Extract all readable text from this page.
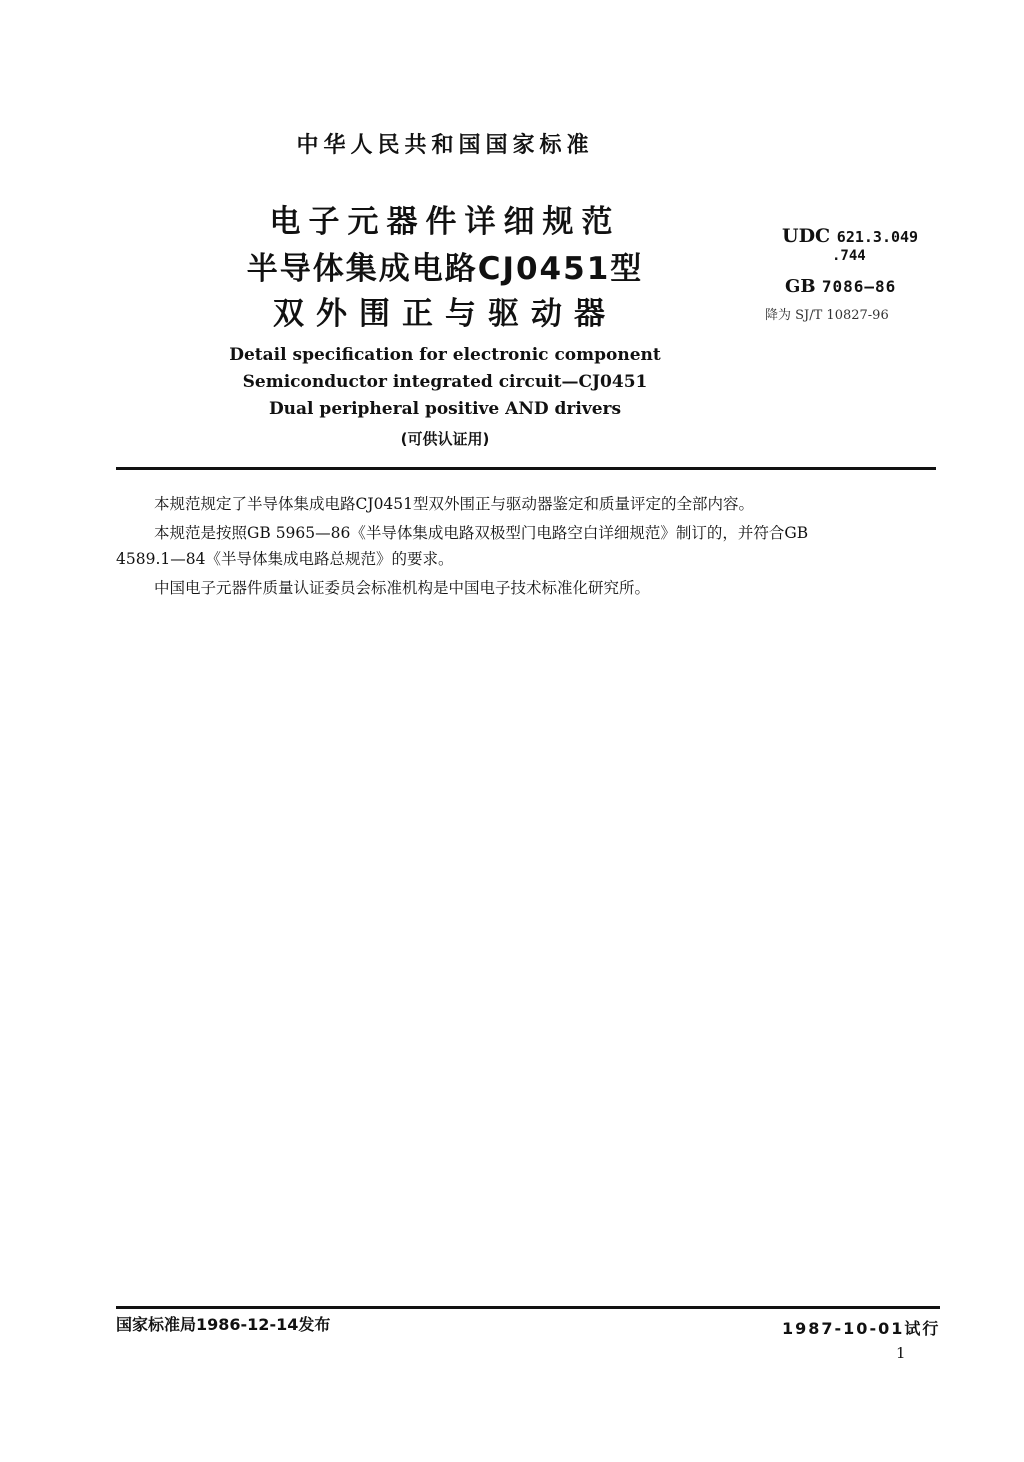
中华人民共和国国家标准
电子元器件详细规范
半导体集成电路CJ0451型
双外围正与驱动器
UDC 621.3.049
.744
GB 7086—86
降为 SJ/T 10827-96
Detail specification for electronic component
Semiconductor integrated circuit—CJ0451
Dual peripheral positive AND drivers
(可供认证用)
本规范规定了半导体集成电路CJ0451型双外围正与驱动器鉴定和质量评定的全部内容。
本规范是按照GB 5965—86《半导体集成电路双极型门电路空白详细规范》制订的，并符合GB
4589.1—84《半导体集成电路总规范》的要求。
中国电子元器件质量认证委员会标准机构是中国电子技术标准化研究所。
国家标准局1986-12-14发布	1987-10-01试行
1
